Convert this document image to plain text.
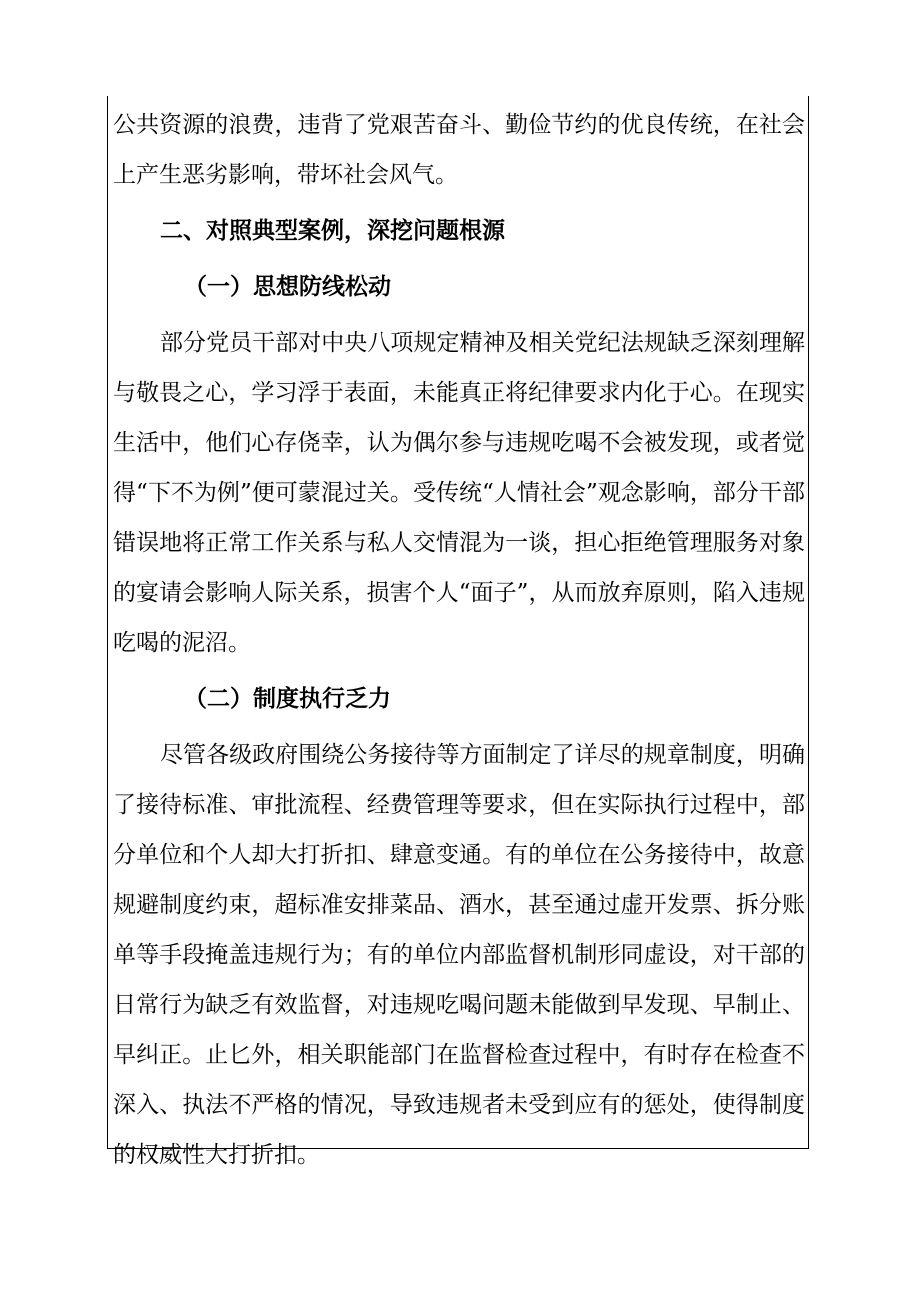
公共资源的浪费，违背了党艰苦奋斗、勤俭节约的优良传统，在社会上产生恶劣影响，带坏社会风气。

二、对照典型案例，深挖问题根源

（一）思想防线松动

部分党员干部对中央八项规定精神及相关党纪法规缺乏深刻理解与敬畏之心，学习浮于表面，未能真正将纪律要求内化于心。在现实生活中，他们心存侥幸，认为偶尔参与违规吃喝不会被发现，或者觉得“下不为例”便可蒙混过关。受传统“人情社会”观念影响，部分干部错误地将正常工作关系与私人交情混为一谈，担心拒绝管理服务对象的宴请会影响人际关系，损害个人“面子”，从而放弃原则，陷入违规吃喝的泥沼。

（二）制度执行乏力

尽管各级政府围绕公务接待等方面制定了详尽的规章制度，明确了接待标准、审批流程、经费管理等要求，但在实际执行过程中，部分单位和个人却大打折扣、肆意变通。有的单位在公务接待中，故意规避制度约束，超标准安排菜品、酒水，甚至通过虚开发票、拆分账单等手段掩盖违规行为；有的单位内部监督机制形同虚设，对干部的日常行为缺乏有效监督，对违规吃喝问题未能做到早发现、早制止、早纠正。止匕外，相关职能部门在监督检查过程中，有时存在检查不深入、执法不严格的情况，导致违规者未受到应有的惩处，使得制度的权威性大打折扣。
